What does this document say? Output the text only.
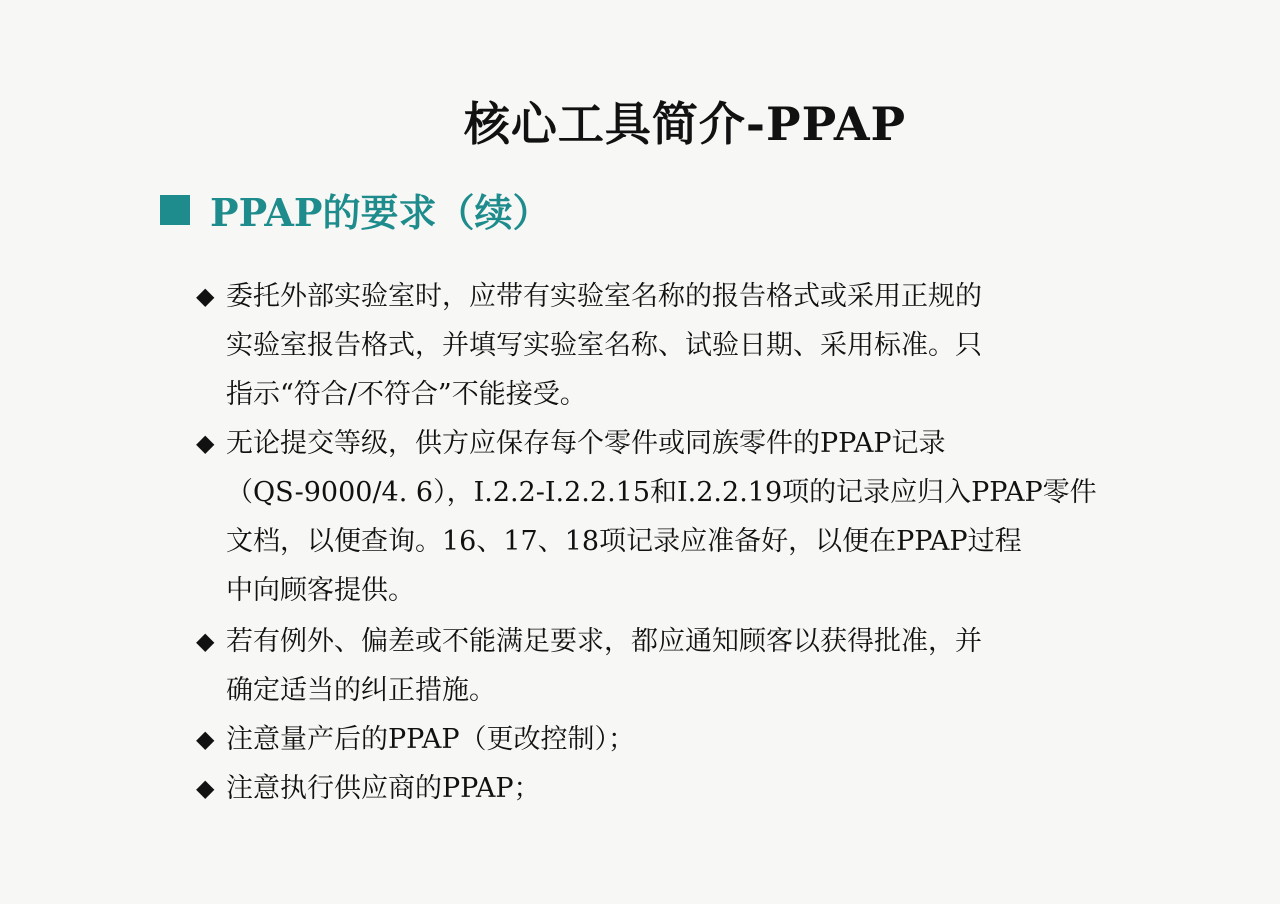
核心工具简介-PPAP
PPAP的要求（续）
◆ 委托外部实验室时，应带有实验室名称的报告格式或采用正规的
实验室报告格式，并填写实验室名称、试验日期、采用标准。只
指示“符合/不符合”不能接受。
◆ 无论提交等级，供方应保存每个零件或同族零件的PPAP记录
（QS-9000/4. 6），I.2.2-I.2.2.15和I.2.2.19项的记录应归入PPAP零件
文档，以便查询。16、17、18项记录应准备好，以便在PPAP过程
中向顾客提供。
◆ 若有例外、偏差或不能满足要求，都应通知顾客以获得批准，并
确定适当的纠正措施。
◆ 注意量产后的PPAP（更改控制）；
◆ 注意执行供应商的PPAP；
